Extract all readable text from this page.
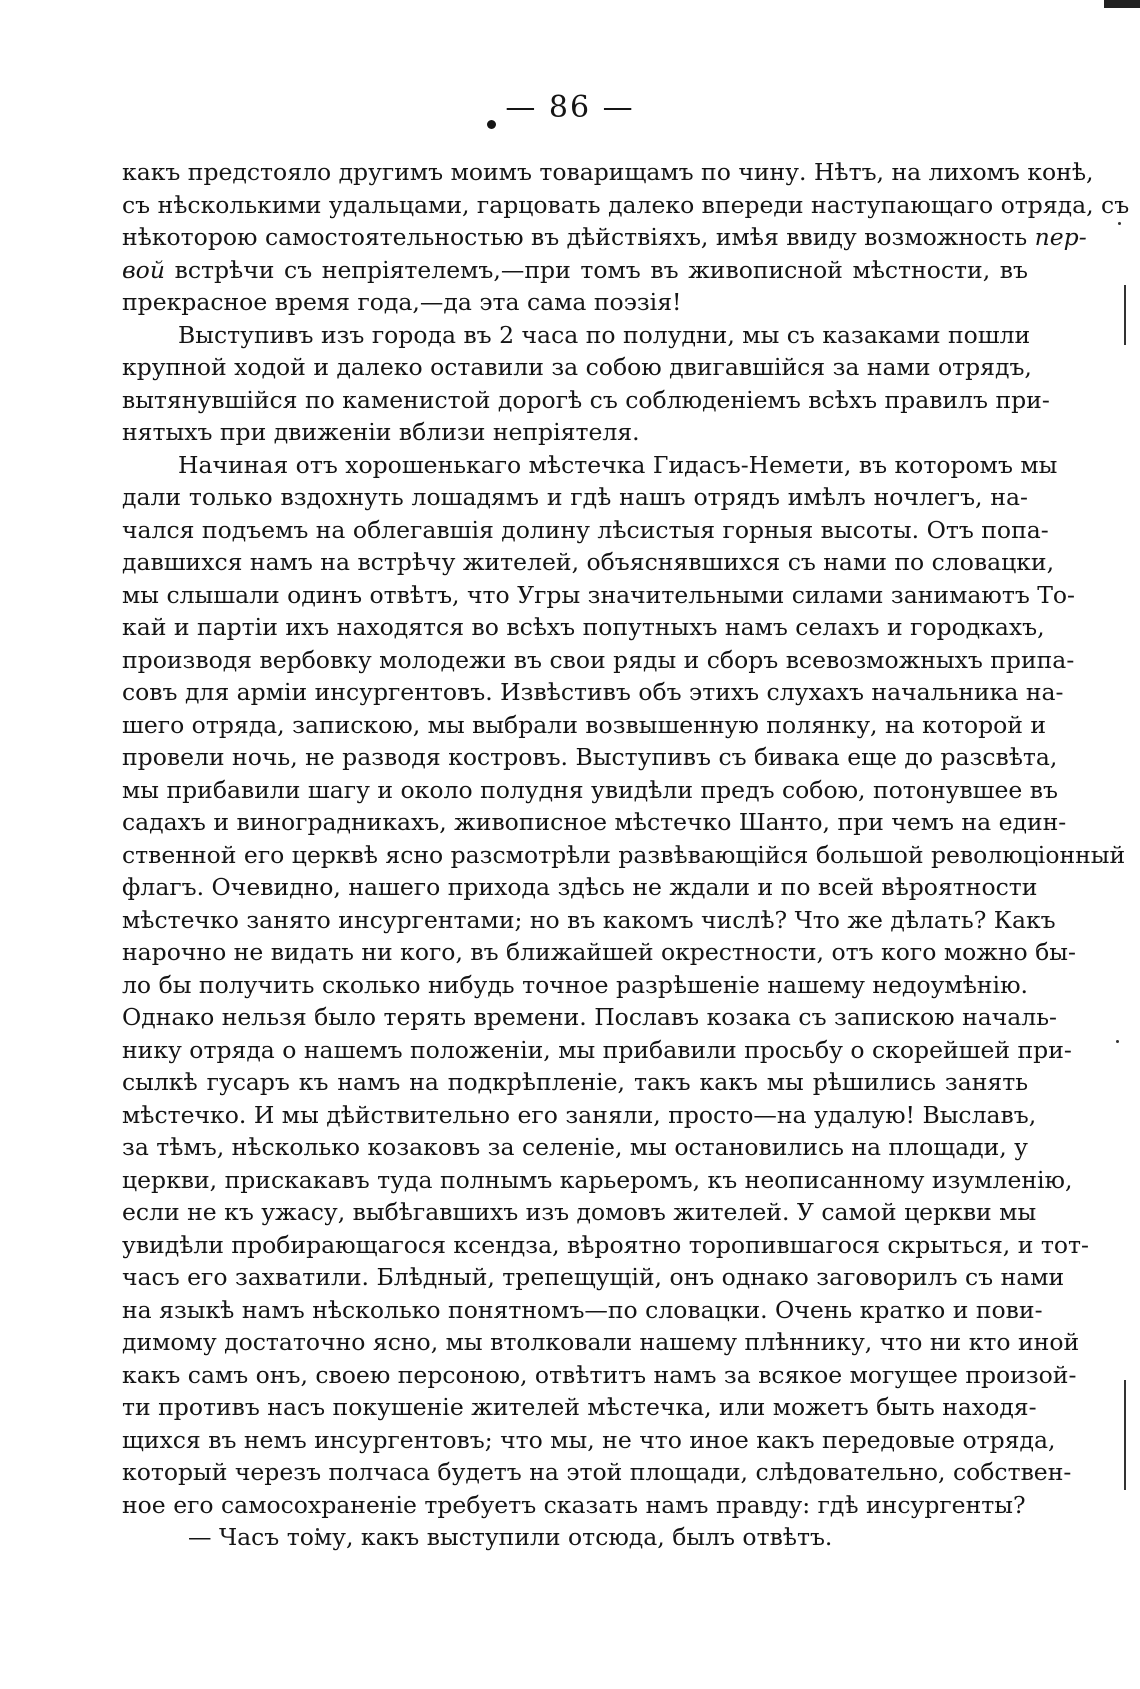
— 86 —
какъ предстояло другимъ моимъ товарищамъ по чину. Нѣтъ, на лихомъ конѣ,
съ нѣсколькими удальцами, гарцовать далеко впереди наступающаго отряда, съ
нѣкоторою самостоятельностью въ дѣйствiяхъ, имѣя ввиду возможность пер-
вой встрѣчи съ непрiятелемъ,—при томъ въ живописной мѣстности, въ
прекрасное время года,—да эта сама поэзiя!
Выступивъ изъ города въ 2 часа по полудни, мы съ казаками пошли
крупной ходой и далеко оставили за собою двигавшiйся за нами отрядъ,
вытянувшiйся по каменистой дорогѣ съ соблюденiемъ всѣхъ правилъ при-
нятыхъ при движенiи вблизи непрiятеля.
Начиная отъ хорошенькаго мѣстечка Гидасъ-Немети, въ которомъ мы
дали только вздохнуть лошадямъ и гдѣ нашъ отрядъ имѣлъ ночлегъ, на-
чался подъемъ на облегавшiя долину лѣсистыя горныя высоты. Отъ попа-
давшихся намъ на встрѣчу жителей, объяснявшихся съ нами по словацки,
мы слышали одинъ отвѣтъ, что Угры значительными силами занимаютъ То-
кай и партiи ихъ находятся во всѣхъ попутныхъ намъ селахъ и городкахъ,
производя вербовку молодежи въ свои ряды и сборъ всевозможныхъ припа-
совъ для армiи инсургентовъ. Извѣстивъ объ этихъ слухахъ начальника на-
шего отряда, запискою, мы выбрали возвышенную полянку, на которой и
провели ночь, не разводя костровъ. Выступивъ съ бивака еще до разсвѣта,
мы прибавили шагу и около полудня увидѣли предъ собою, потонувшее въ
садахъ и виноградникахъ, живописное мѣстечко Шанто, при чемъ на един-
ственной его церквѣ ясно разсмотрѣли развѣвающiйся большой революцiонный
флагъ. Очевидно, нашего прихода здѣсь не ждали и по всей вѣроятности
мѣстечко занято инсургентами; но въ какомъ числѣ? Что же дѣлать? Какъ
нарочно не видать ни кого, въ ближайшей окрестности, отъ кого можно бы-
ло бы получить сколько нибудь точное разрѣшенiе нашему недоумѣнiю.
Однако нельзя было терять времени. Пославъ козака съ запискою началь-
нику отряда о нашемъ положенiи, мы прибавили просьбу о скорейшей при-
сылкѣ гусаръ къ намъ на подкрѣпленiе, такъ какъ мы рѣшились занять
мѣстечко. И мы дѣйствительно его заняли, просто—на удалую! Выславъ,
за тѣмъ, нѣсколько козаковъ за селенiе, мы остановились на площади, у
церкви, прискакавъ туда полнымъ карьеромъ, къ неописанному изумленiю,
если не къ ужасу, выбѣгавшихъ изъ домовъ жителей. У самой церкви мы
увидѣли пробирающагося ксендза, вѣроятно торопившагося скрыться, и тот-
часъ его захватили. Блѣдный, трепещущiй, онъ однако заговорилъ съ нами
на языкѣ намъ нѣсколько понятномъ—по словацки. Очень кратко и пови-
димому достаточно ясно, мы втолковали нашему плѣннику, что ни кто иной
какъ самъ онъ, своею персоною, отвѣтитъ намъ за всякое могущее произой-
ти противъ насъ покушенiе жителей мѣстечка, или можетъ быть находя-
щихся въ немъ инсургентовъ; что мы, не что иное какъ передовые отряда,
который черезъ полчаса будетъ на этой площади, слѣдовательно, собствен-
ное его самосохраненiе требуетъ сказать намъ правду: гдѣ инсургенты?
— Часъ тому, какъ выступили отсюда, былъ отвѣтъ.
